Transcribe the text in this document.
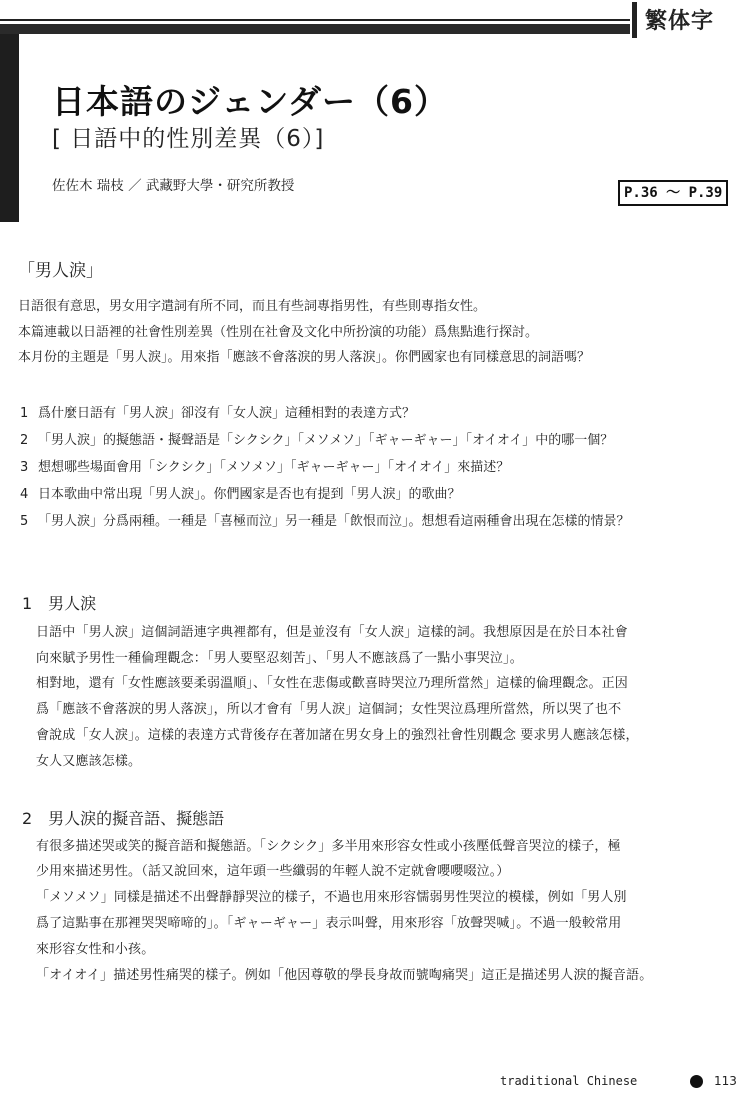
繁体字
日本語のジェンダー（6）
[ 日語中的性別差異（6）]
佐佐木 瑞枝 ／ 武藏野大學・研究所教授	P.36 ～ P.39
「男人淚」
日語很有意思，男女用字遣詞有所不同，而且有些詞專指男性，有些則專指女性。
本篇連載以日語裡的社會性別差異（性別在社會及文化中所扮演的功能）爲焦點進行探討。
本月份的主題是「男人淚」。用來指「應該不會落淚的男人落淚」。你們國家也有同樣意思的詞語嗎？
1 爲什麼日語有「男人淚」卻沒有「女人淚」這種相對的表達方式？
2 「男人淚」的擬態語・擬聲語是「シクシク」「メソメソ」「ギャーギャー」「オイオイ」中的哪一個？
3 想想哪些場面會用「シクシク」「メソメソ」「ギャーギャー」「オイオイ」來描述？
4 日本歌曲中常出現「男人淚」。你們國家是否也有提到「男人淚」的歌曲？
5 「男人淚」分爲兩種。一種是「喜極而泣」另一種是「飲恨而泣」。想想看這兩種會出現在怎樣的情景？
1　男人淚
日語中「男人淚」這個詞語連字典裡都有，但是並沒有「女人淚」這樣的詞。我想原因是在於日本社會
向來賦予男性一種倫理觀念：「男人要堅忍刻苦」、「男人不應該爲了一點小事哭泣」。
相對地，還有「女性應該要柔弱溫順」、「女性在悲傷或歡喜時哭泣乃理所當然」這樣的倫理觀念。正因
爲「應該不會落淚的男人落淚」，所以才會有「男人淚」這個詞；女性哭泣爲理所當然，所以哭了也不
會說成「女人淚」。這樣的表達方式背後存在著加諸在男女身上的強烈社會性別觀念 要求男人應該怎樣，
女人又應該怎樣。
2　男人淚的擬音語、擬態語
有很多描述哭或笑的擬音語和擬態語。「シクシク」多半用來形容女性或小孩壓低聲音哭泣的樣子，極
少用來描述男性。（話又說回來，這年頭一些纖弱的年輕人說不定就會嚶嚶啜泣。）
「メソメソ」同樣是描述不出聲靜靜哭泣的樣子，不過也用來形容懦弱男性哭泣的模樣，例如「男人別
爲了這點事在那裡哭哭啼啼的」。「ギャーギャー」表示叫聲，用來形容「放聲哭喊」。不過一般較常用
來形容女性和小孩。
「オイオイ」描述男性痛哭的樣子。例如「他因尊敬的學長身故而號啕痛哭」這正是描述男人淚的擬音語。
traditional Chinese	113
